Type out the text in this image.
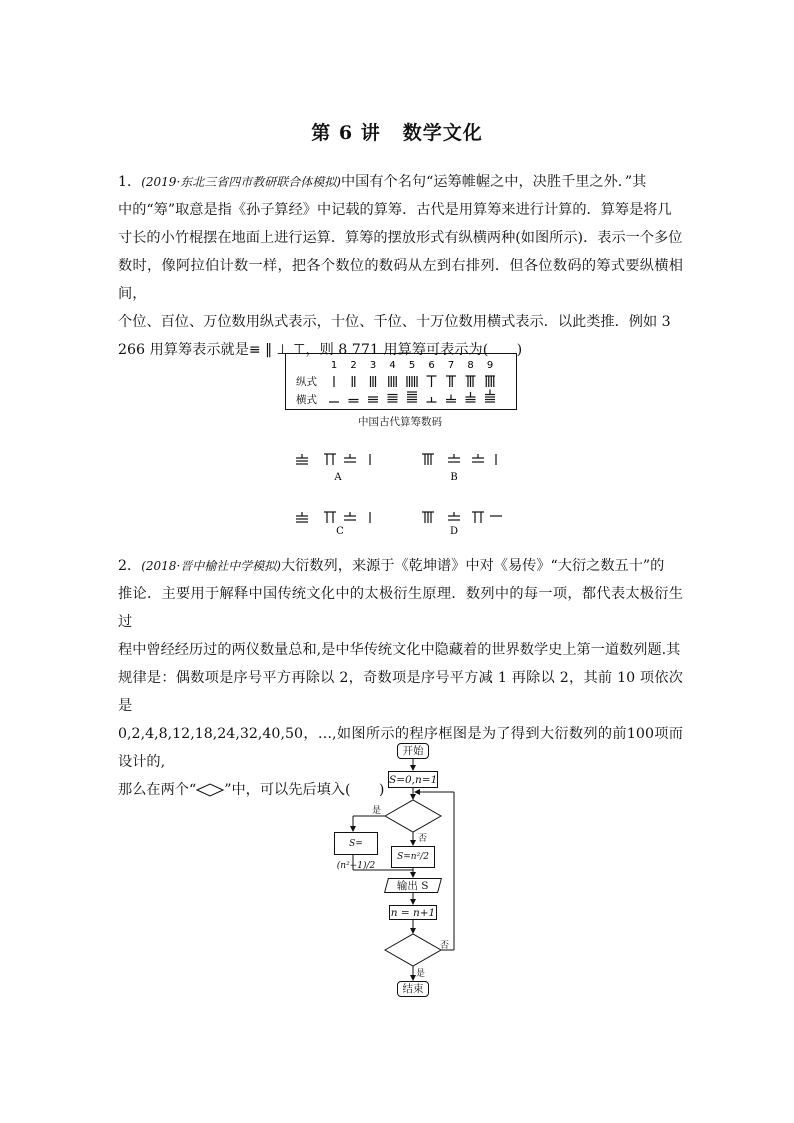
第 6 讲 数学文化
1．(2019·东北三省四市教研联合体模拟)中国有个名句“运筹帷幄之中，决胜千里之外．”其
中的“筹”取意是指《孙子算经》中记载的算筹．古代是用算筹来进行计算的．算筹是将几
寸长的小竹棍摆在地面上进行运算．算筹的摆放形式有纵横两种(如图所示)．表示一个多位
数时，像阿拉伯计数一样，把各个数位的数码从左到右排列．但各位数码的筹式要纵横相间，
个位、百位、万位数用纵式表示，十位、千位、十万位数用横式表示．以此类推．例如 3
266 用算筹表示就是≡ ‖ ⊥ ⊤，则 8 771 用算筹可表示为(　　)
1 2 3 4 5 6 7 8 9
纵式
横式
中国古代算筹数码
A	B
C	D
2．(2018·晋中榆社中学模拟)大衍数列，来源于《乾坤谱》中对《易传》“大衍之数五十”的
推论．主要用于解释中国传统文化中的太极衍生原理．数列中的每一项，都代表太极衍生过
程中曾经经历过的两仪数量总和,是中华传统文化中隐藏着的世界数学史上第一道数列题.其
规律是：偶数项是序号平方再除以 2，奇数项是序号平方减 1 再除以 2，其前 10 项依次是
0,2,4,8,12,18,24,32,40,50，…,如图所示的程序框图是为了得到大衍数列的前100项而设计的,
那么在两个“ ”中，可以先后填入(　　)
开始
S=0,n=1
是
否
S=(n²−1)/2
S=n²/2
输出 S
n = n+1
否
是
结束
